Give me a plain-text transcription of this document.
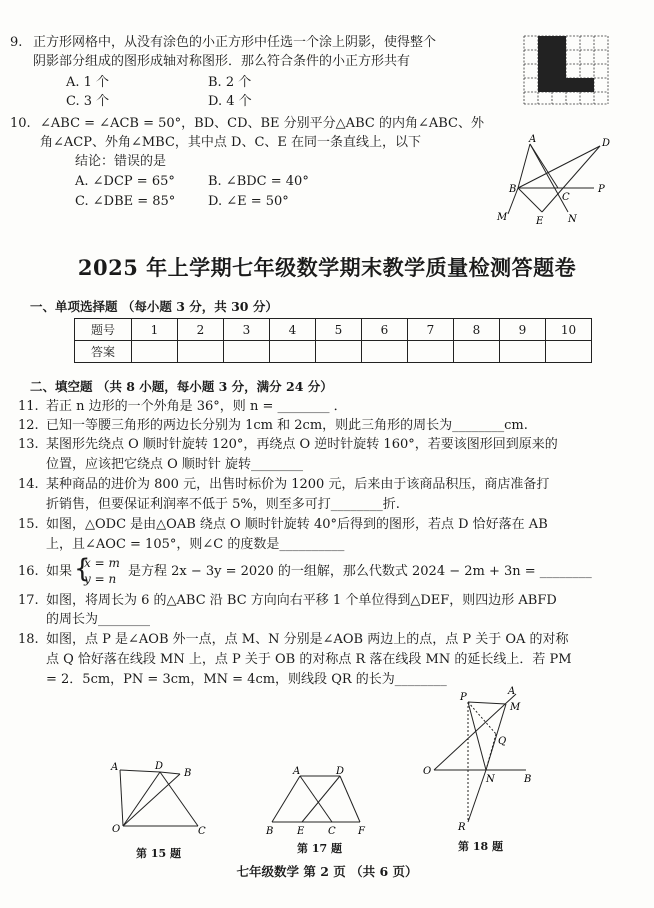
9. 正方形网格中，从没有涂色的小正方形中任选一个涂上阴影，使得整个
阴影部分组成的图形成轴对称图形．那么符合条件的小正方形共有
A. 1 个	B. 2 个
C. 3 个	D. 4 个
10. ∠ABC = ∠ACB = 50°，BD、CD、BE 分别平分△ABC 的内角∠ABC、外
角∠ACP、外角∠MBC，其中点 D、C、E 在同一条直线上，以下
结论：错误的是
A. ∠DCP = 65°	B. ∠BDC = 40°
C. ∠DBE = 85°	D. ∠E = 50°
A	D
B
C
P
M	E N
2025 年上学期七年级数学期末教学质量检测答题卷
一、单项选择题 （每小题 3 分，共 30 分）
题号	1	2	3	4	5	6	7	8	9	10
答案										
二、填空题 （共 8 小题，每小题 3 分，满分 24 分）
11. 若正 n 边形的一个外角是 36°，则 n = ________ ．
12. 已知一等腰三角形的两边长分别为 1cm 和 2cm，则此三角形的周长为________cm.
13. 某图形先绕点 O 顺时针旋转 120°，再绕点 O 逆时针旋转 160°，若要该图形回到原来的
位置，应该把它绕点 O 顺时针 旋转________
14. 某种商品的进价为 800 元，出售时标价为 1200 元，后来由于该商品积压，商店准备打
折销售，但要保证利润率不低于 5%，则至多可打________折.
15. 如图，△ODC 是由△OAB 绕点 O 顺时针旋转 40°后得到的图形，若点 D 恰好落在 AB
上，且∠AOC = 105°，则∠C 的度数是__________
16. 如果 {
x = m
y = n 是方程 2x − 3y = 2020 的一组解，那么代数式 2024 − 2m + 3n = ________
17. 如图，将周长为 6 的△ABC 沿 BC 方向向右平移 1 个单位得到△DEF，则四边形 ABFD
的周长为________
18. 如图，点 P 是∠AOB 外一点，点 M、N 分别是∠AOB 两边上的点，点 P 关于 OA 的对称
点 Q 恰好落在线段 MN 上，点 P 关于 OB 的对称点 R 落在线段 MN 的延长线上．若 PM
= 2．5cm，PN = 3cm，MN = 4cm，则线段 QR 的长为________
A	D
B
O	C
第 15 题
A	D
B E C F
第 17 题
A
P
M
Q
O
N	B
R
第 18 题
七年级数学 第 2 页 （共 6 页）
